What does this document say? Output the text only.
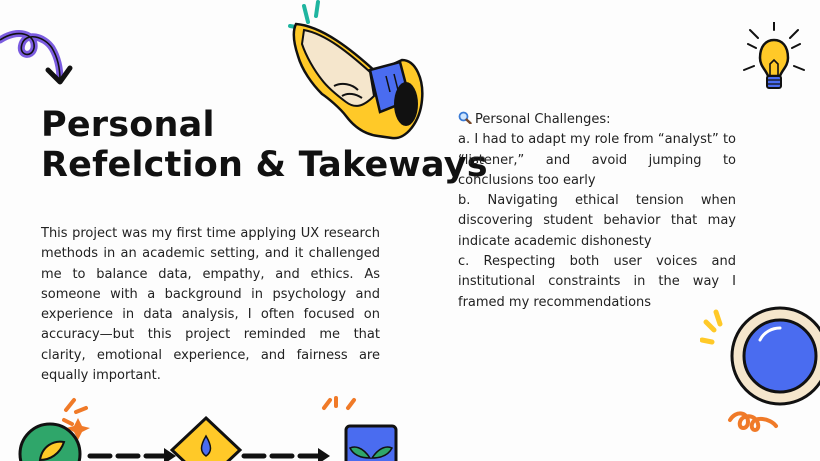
Personal
Refelction & Takeways

This project was my first time applying UX research methods in an academic setting, and it challenged me to balance data, empathy, and ethics. As someone with a background in psychology and experience in data analysis, I often focused on accuracy—but this project reminded me that clarity, emotional experience, and fairness are equally important.

Personal Challenges:

a. I had to adapt my role from “analyst” to “listener,” and avoid jumping to conclusions too early

b. Navigating ethical tension when discovering student behavior that may indicate academic dishonesty

c. Respecting both user voices and institutional constraints in the way I framed my recommendations
